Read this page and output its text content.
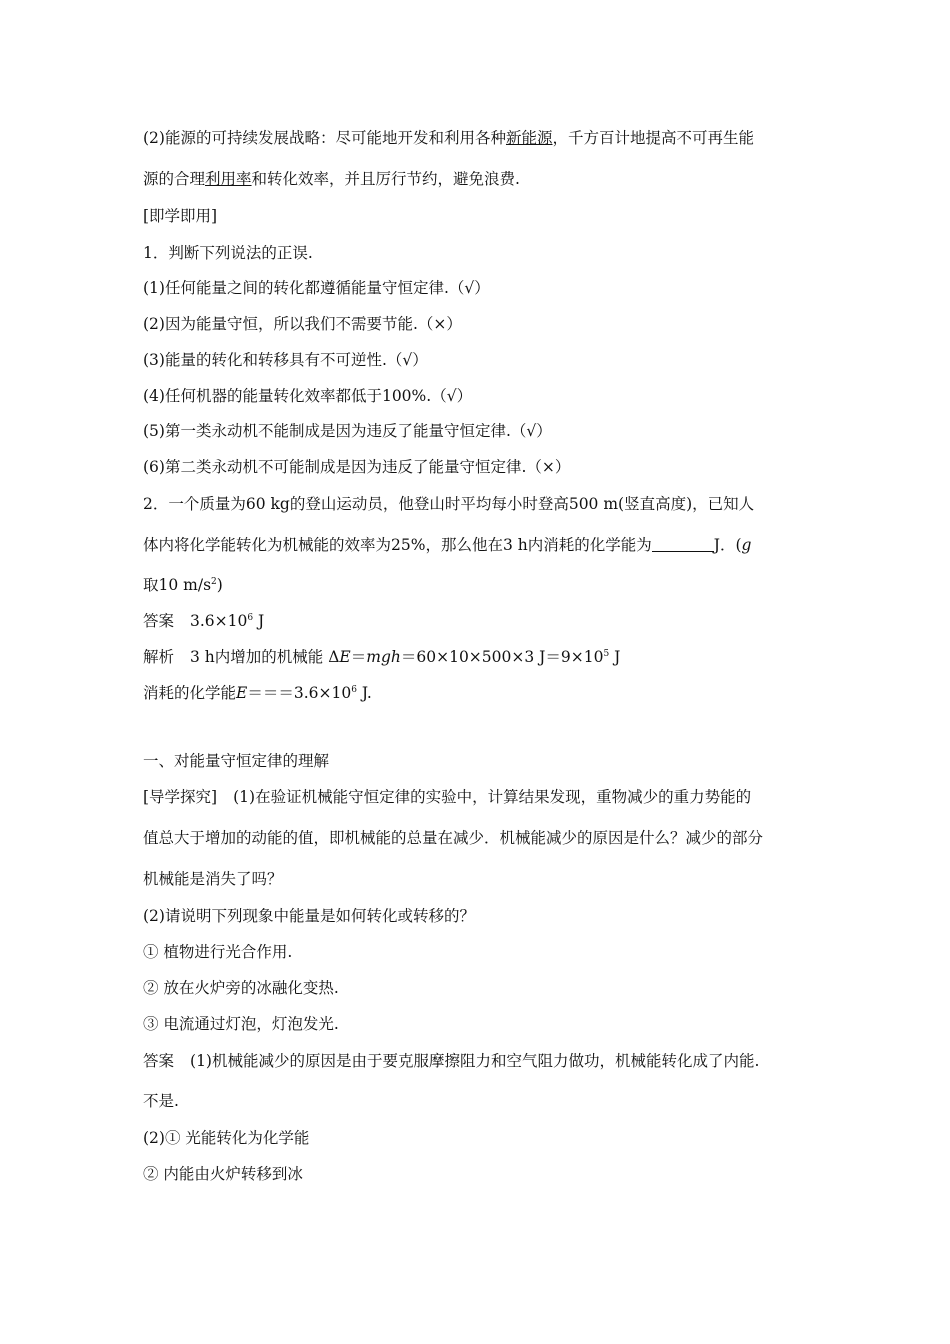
(2)能源的可持续发展战略：尽可能地开发和利用各种新能源，千方百计地提高不可再生能
源的合理利用率和转化效率，并且厉行节约，避免浪费.
[即学即用]
1．判断下列说法的正误.
(1)任何能量之间的转化都遵循能量守恒定律.（√）
(2)因为能量守恒，所以我们不需要节能.（×）
(3)能量的转化和转移具有不可逆性.（√）
(4)任何机器的能量转化效率都低于100%.（√）
(5)第一类永动机不能制成是因为违反了能量守恒定律.（√）
(6)第二类永动机不可能制成是因为违反了能量守恒定律.（×）
2．一个质量为60 kg的登山运动员，他登山时平均每小时登高500 m(竖直高度)，已知人
体内将化学能转化为机械能的效率为25%，那么他在3 h内消耗的化学能为	J．(g
取10 $m/s^2$)
答案 $3.6\times 10^6$ J
解析 3 h内增加的机械能 ΔE＝mgh＝60×10×500×3 $J=9\times 10^5$ J
消耗的化学能$E===3.6\times 10^6$ J.
一、对能量守恒定律的理解
[导学探究] (1)在验证机械能守恒定律的实验中，计算结果发现，重物减少的重力势能的
值总大于增加的动能的值，即机械能的总量在减少．机械能减少的原因是什么？减少的部分
机械能是消失了吗？
(2)请说明下列现象中能量是如何转化或转移的？
① 植物进行光合作用.
② 放在火炉旁的冰融化变热.
③ 电流通过灯泡，灯泡发光.
答案 (1)机械能减少的原因是由于要克服摩擦阻力和空气阻力做功，机械能转化成了内能.
不是.
(2)① 光能转化为化学能
② 内能由火炉转移到冰
